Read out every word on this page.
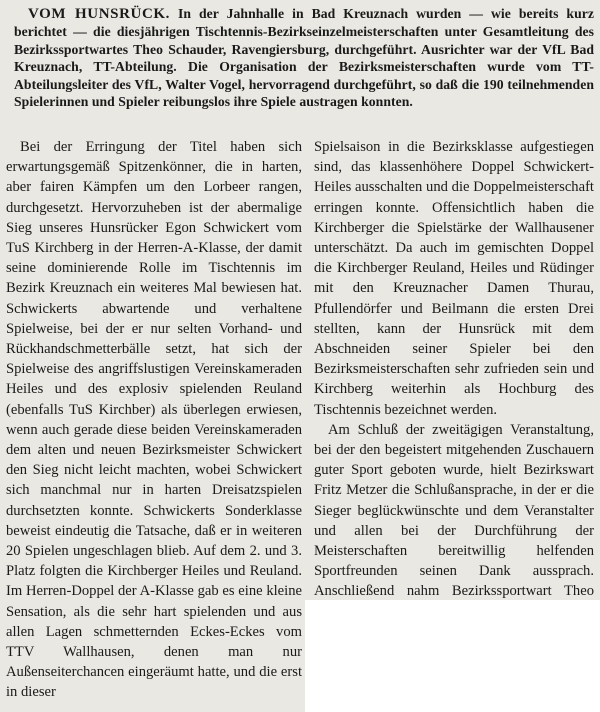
VOM HUNSRÜCK. In der Jahnhalle in Bad Kreuznach wurden — wie bereits kurz berichtet — die diesjährigen Tischtennis-Bezirkseinzelmeisterschaften unter Gesamtleitung des Bezirkssportwartes Theo Schauder, Ravengiersburg, durchgeführt. Ausrichter war der VfL Bad Kreuznach, TT-Abteilung. Die Organisation der Bezirksmeisterschaften wurde vom TT-Abteilungsleiter des VfL, Walter Vogel, hervorragend durchgeführt, so daß die 190 teilnehmenden Spielerinnen und Spieler reibungslos ihre Spiele austragen konnten.

Bei der Erringung der Titel haben sich erwartungsgemäß Spitzenkönner, die in harten, aber fairen Kämpfen um den Lorbeer rangen, durchgesetzt. Hervorzuheben ist der abermalige Sieg unseres Hunsrücker Egon Schwickert vom TuS Kirchberg in der Herren-A-Klasse, der damit seine dominierende Rolle im Tischtennis im Bezirk Kreuznach ein weiteres Mal bewiesen hat. Schwickerts abwartende und verhaltene Spielweise, bei der er nur selten Vorhand- und Rückhandschmetterbälle setzt, hat sich der Spielweise des angriffslustigen Vereinskameraden Heiles und des explosiv spielenden Reuland (ebenfalls TuS Kirchber) als überlegen erwiesen, wenn auch gerade diese beiden Vereinskameraden dem alten und neuen Bezirksmeister Schwickert den Sieg nicht leicht machten, wobei Schwickert sich manchmal nur in harten Dreisatzspielen durchsetzten konnte. Schwickerts Sonderklasse beweist eindeutig die Tatsache, daß er in weiteren 20 Spielen ungeschlagen blieb. Auf dem 2. und 3. Platz folgten die Kirchberger Heiles und Reuland. Im Herren-Doppel der A-Klasse gab es eine kleine Sensation, als die sehr hart spielenden und aus allen Lagen schmetternden Eckes-Eckes vom TTV Wallhausen, denen man nur Außenseiterchancen eingeräumt hatte, und die erst in dieser

Spielsaison in die Bezirksklasse aufgestiegen sind, das klassenhöhere Doppel Schwickert-Heiles ausschalten und die Doppelmeisterschaft erringen konnte. Offensichtlich haben die Kirchberger die Spielstärke der Wallhausener unterschätzt. Da auch im gemischten Doppel die Kirchberger Reuland, Heiles und Rüdinger mit den Kreuznacher Damen Thurau, Pfullendörfer und Beilmann die ersten Drei stellten, kann der Hunsrück mit dem Abschneiden seiner Spieler bei den Bezirksmeisterschaften sehr zufrieden sein und Kirchberg weiterhin als Hochburg des Tischtennis bezeichnet werden.

Am Schluß der zweitägigen Veranstaltung, bei der den begeistert mitgehenden Zuschauern guter Sport geboten wurde, hielt Bezirkswart Fritz Metzer die Schlußansprache, in der er die Sieger beglückwünschte und dem Veranstalter und allen bei der Durchführung der Meisterschaften bereitwillig helfenden Sportfreunden seinen Dank aussprach. Anschließend nahm Bezirkssportwart Theo
